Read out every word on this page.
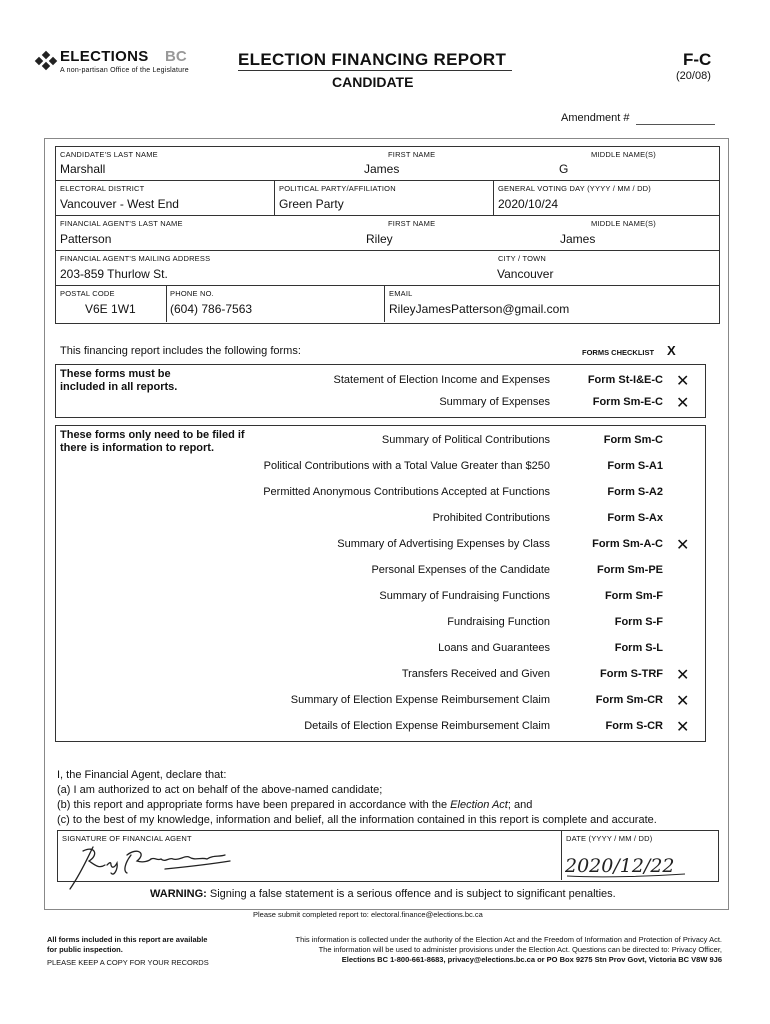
ELECTIONS BC
A non-partisan Office of the Legislature
ELECTION FINANCING REPORT
CANDIDATE
F-C
(20/08)
Amendment #
CANDIDATE'S LAST NAME
Marshall
FIRST NAME
James
MIDDLE NAME(S)
G
ELECTORAL DISTRICT
Vancouver - West End
POLITICAL PARTY/AFFILIATION
Green Party
GENERAL VOTING DAY (YYYY / MM / DD)
2020/10/24
FINANCIAL AGENT'S LAST NAME
Patterson
FIRST NAME
Riley
MIDDLE NAME(S)
James
FINANCIAL AGENT'S MAILING ADDRESS
203-859 Thurlow St.
CITY / TOWN
Vancouver
POSTAL CODE
V6E 1W1
PHONE NO.
(604) 786-7563
EMAIL
RileyJamesPatterson@gmail.com
This financing report includes the following forms:	FORMS CHECKLIST X
These forms must be included in all reports.
Statement of Election Income and Expenses	Form St-I&E-C ✕
Summary of Expenses	Form Sm-E-C ✕
These forms only need to be filed if there is information to report.
Summary of Political Contributions	Form Sm-C
Political Contributions with a Total Value Greater than $250	Form S-A1
Permitted Anonymous Contributions Accepted at Functions	Form S-A2
Prohibited Contributions	Form S-Ax
Summary of Advertising Expenses by Class	Form Sm-A-C ✕
Personal Expenses of the Candidate	Form Sm-PE
Summary of Fundraising Functions	Form Sm-F
Fundraising Function	Form S-F
Loans and Guarantees	Form S-L
Transfers Received and Given	Form S-TRF ✕
Summary of Election Expense Reimbursement Claim	Form Sm-CR ✕
Details of Election Expense Reimbursement Claim	Form S-CR ✕
I, the Financial Agent, declare that:
(a) I am authorized to act on behalf of the above-named candidate;
(b) this report and appropriate forms have been prepared in accordance with the Election Act; and
(c) to the best of my knowledge, information and belief, all the information contained in this report is complete and accurate.
SIGNATURE OF FINANCIAL AGENT	DATE (YYYY / MM / DD)
2020/12/22
WARNING: Signing a false statement is a serious offence and is subject to significant penalties.
Please submit completed report to: electoral.finance@elections.bc.ca
All forms included in this report are available
for public inspection.
PLEASE KEEP A COPY FOR YOUR RECORDS
This information is collected under the authority of the Election Act and the Freedom of Information and Protection of Privacy Act.
The information will be used to administer provisions under the Election Act. Questions can be directed to: Privacy Officer,
Elections BC 1-800-661-8683, privacy@elections.bc.ca or PO Box 9275 Stn Prov Govt, Victoria BC V8W 9J6
